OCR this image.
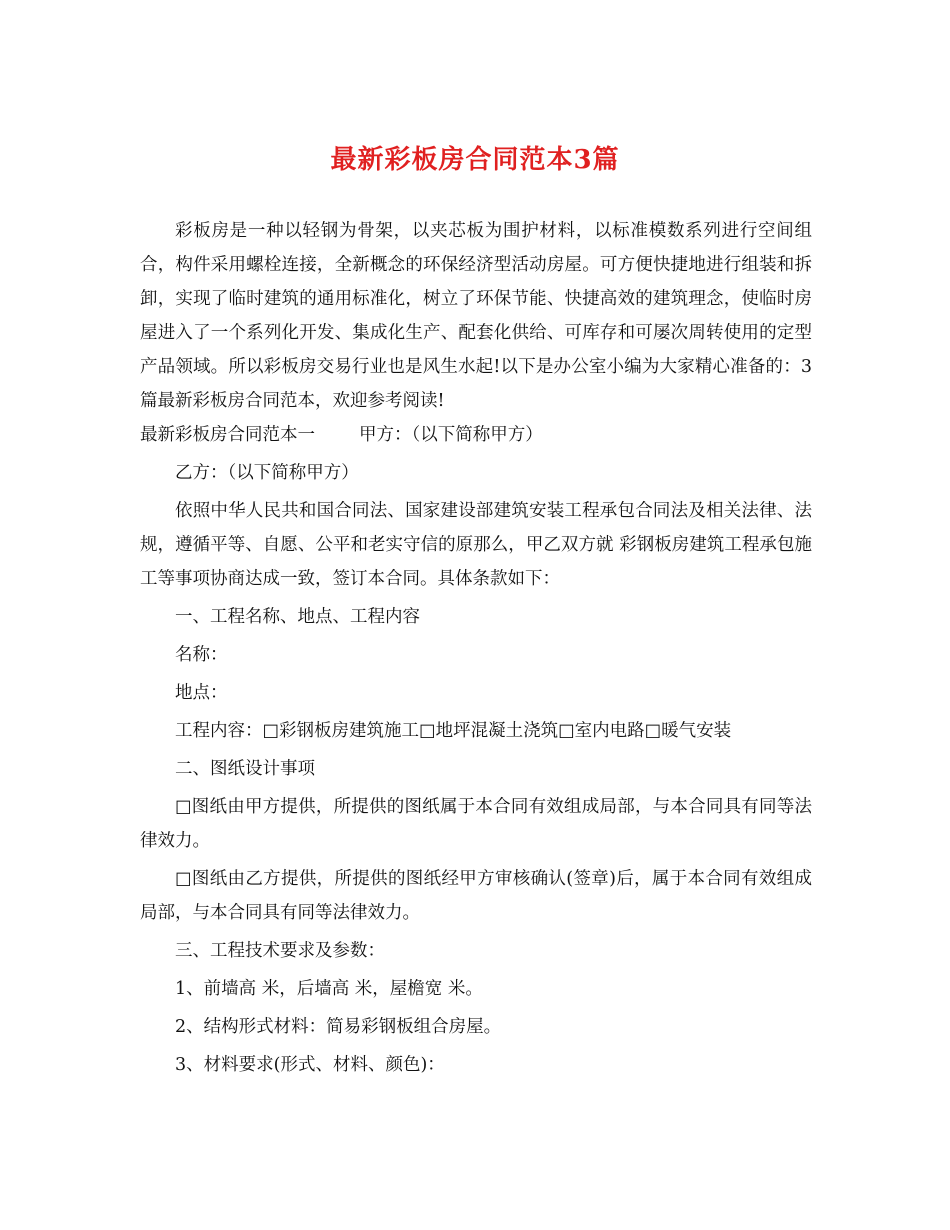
最新彩板房合同范本3篇

彩板房是一种以轻钢为骨架，以夹芯板为围护材料，以标准模数系列进行空间组合，构件采用螺栓连接，全新概念的环保经济型活动房屋。可方便快捷地进行组装和拆卸，实现了临时建筑的通用标准化，树立了环保节能、快捷高效的建筑理念，使临时房屋进入了一个系列化开发、集成化生产、配套化供给、可库存和可屡次周转使用的定型产品领域。所以彩板房交易行业也是风生水起!以下是办公室小编为大家精心准备的：3篇最新彩板房合同范本，欢迎参考阅读!

最新彩板房合同范本一	甲方：（以下简称甲方）

乙方：（以下简称甲方）

依照中华人民共和国合同法、国家建设部建筑安装工程承包合同法及相关法律、法规，遵循平等、自愿、公平和老实守信的原那么，甲乙双方就 彩钢板房建筑工程承包施工等事项协商达成一致，签订本合同。具体条款如下：

一、工程名称、地点、工程内容

名称：

地点：

工程内容：□彩钢板房建筑施工□地坪混凝土浇筑□室内电路□暖气安装

二、图纸设计事项

□图纸由甲方提供，所提供的图纸属于本合同有效组成局部，与本合同具有同等法律效力。

□图纸由乙方提供，所提供的图纸经甲方审核确认(签章)后，属于本合同有效组成局部，与本合同具有同等法律效力。

三、工程技术要求及参数：

1、前墙高 米，后墙高 米，屋檐宽 米。

2、结构形式材料：简易彩钢板组合房屋。

3、材料要求(形式、材料、颜色)：
